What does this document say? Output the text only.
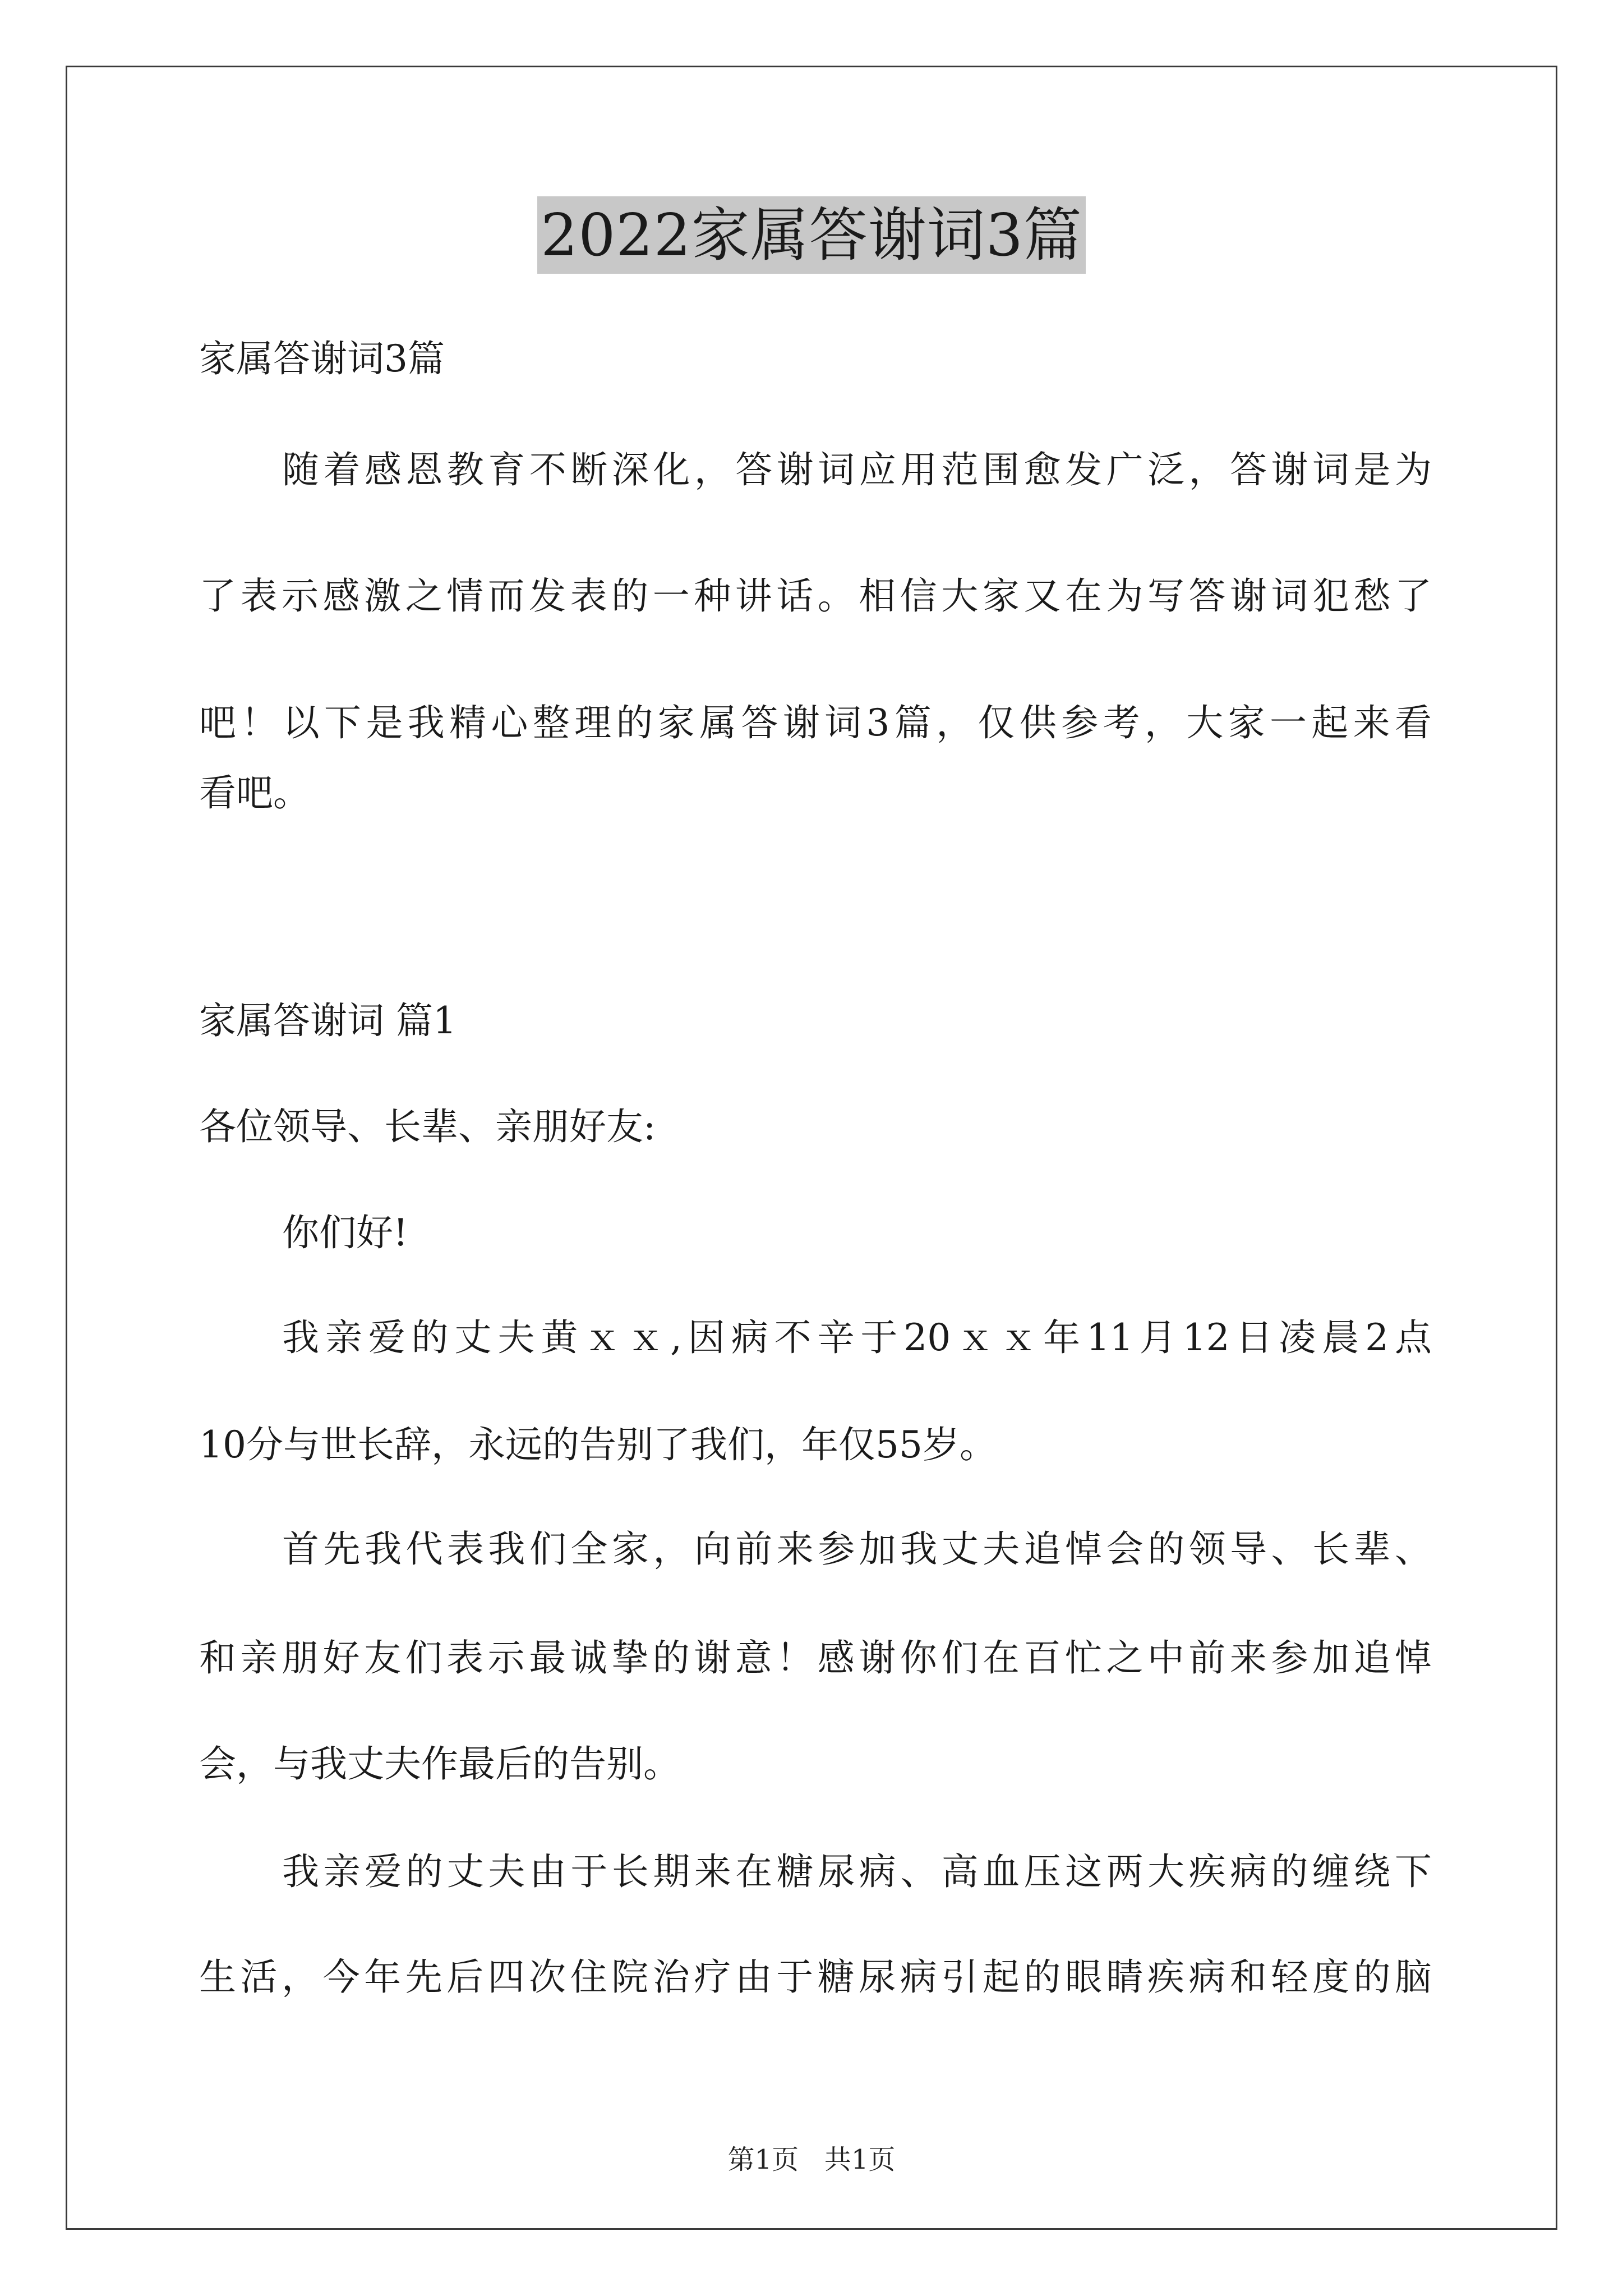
2022家属答谢词3篇
家属答谢词3篇
随着感恩教育不断深化，答谢词应用范围愈发广泛，答谢词是为
了表示感激之情而发表的一种讲话。相信大家又在为写答谢词犯愁了
吧！以下是我精心整理的家属答谢词3篇，仅供参考，大家一起来看
看吧。
家属答谢词 篇1
各位领导、长辈、亲朋好友:
你们好!
我亲爱的丈夫黄ｘｘ,因病不辛于20ｘｘ年11月12日凌晨2点
10分与世长辞，永远的告别了我们，年仅55岁。
首先我代表我们全家，向前来参加我丈夫追悼会的领导、长辈、
和亲朋好友们表示最诚挚的谢意！感谢你们在百忙之中前来参加追悼
会，与我丈夫作最后的告别。
我亲爱的丈夫由于长期来在糖尿病、高血压这两大疾病的缠绕下
生活，今年先后四次住院治疗由于糖尿病引起的眼睛疾病和轻度的脑
第1页   共1页
